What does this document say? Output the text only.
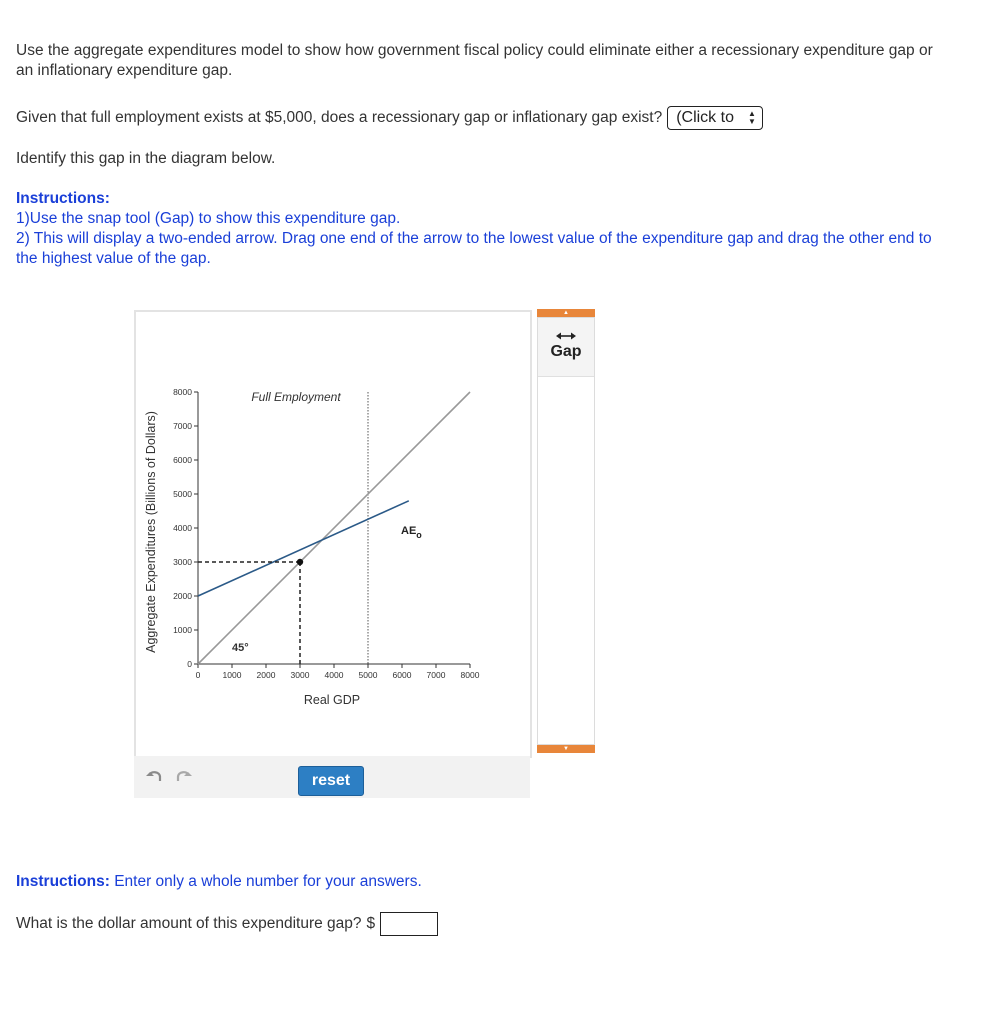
Use the aggregate expenditures model to show how government fiscal policy could eliminate either a recessionary expenditure gap or an inflationary expenditure gap.

Given that full employment exists at $5,000, does a recessionary gap or inflationary gap exist? (Click to ▲
▼

Identify this gap in the diagram below.

Instructions:
1)Use the snap tool (Gap) to show this expenditure gap.
2) This will display a two-ended arrow. Drag one end of the arrow to the lowest value of the expenditure gap and drag the other end to the highest value of the gap.
Aggregate Expenditures (Billions of Dollars)
Real GDP
Full Employment
0
1000
2000
3000
4000
5000
6000
7000
8000
0	1000 2000 3000 4000 5000 6000 7000 8000
45°
$AE_o$
reset
▲
Gap
▼
Instructions: Enter only a whole number for your answers.
What is the dollar amount of this expenditure gap? $
